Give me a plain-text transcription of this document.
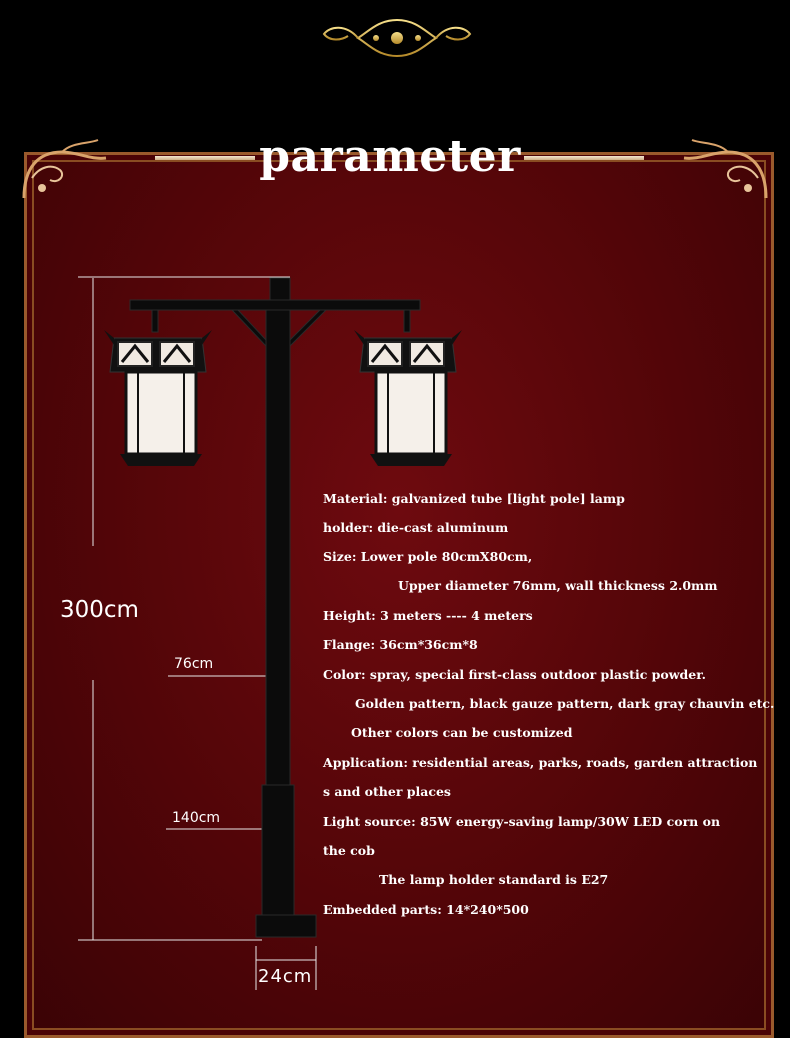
parameter
300cm
76cm
140cm
24cm
Material: galvanized tube [light pole] lamp
holder: die-cast aluminum
Size: Lower pole 80cmX80cm,
Upper diameter 76mm, wall thickness 2.0mm
Height: 3 meters ---- 4 meters
Flange: 36cm*36cm*8
Color: spray, special first-class outdoor plastic powder.
Golden pattern, black gauze pattern, dark gray chauvin etc.
Other colors can be customized
Application: residential areas, parks, roads, garden attraction
s and other places
Light source: 85W energy-saving lamp/30W LED corn on
the cob
The lamp holder standard is E27
Embedded parts: 14*240*500
